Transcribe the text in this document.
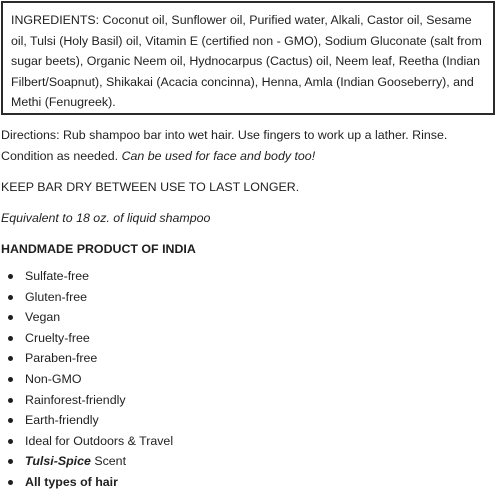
INGREDIENTS: Coconut oil, Sunflower oil, Purified water, Alkali, Castor oil, Sesame oil, Tulsi (Holy Basil) oil, Vitamin E (certified non - GMO), Sodium Gluconate (salt from sugar beets), Organic Neem oil, Hydnocarpus (Cactus) oil, Neem leaf, Reetha (Indian Filbert/Soapnut), Shikakai (Acacia concinna), Henna, Amla (Indian Gooseberry), and Methi (Fenugreek).

Directions: Rub shampoo bar into wet hair. Use fingers to work up a lather. Rinse. Condition as needed. Can be used for face and body too!

KEEP BAR DRY BETWEEN USE TO LAST LONGER.

Equivalent to 18 oz. of liquid shampoo

HANDMADE PRODUCT OF INDIA

Sulfate-free
Gluten-free
Vegan
Cruelty-free
Paraben-free
Non-GMO
Rainforest-friendly
Earth-friendly
Ideal for Outdoors & Travel
Tulsi-Spice Scent
All types of hair
